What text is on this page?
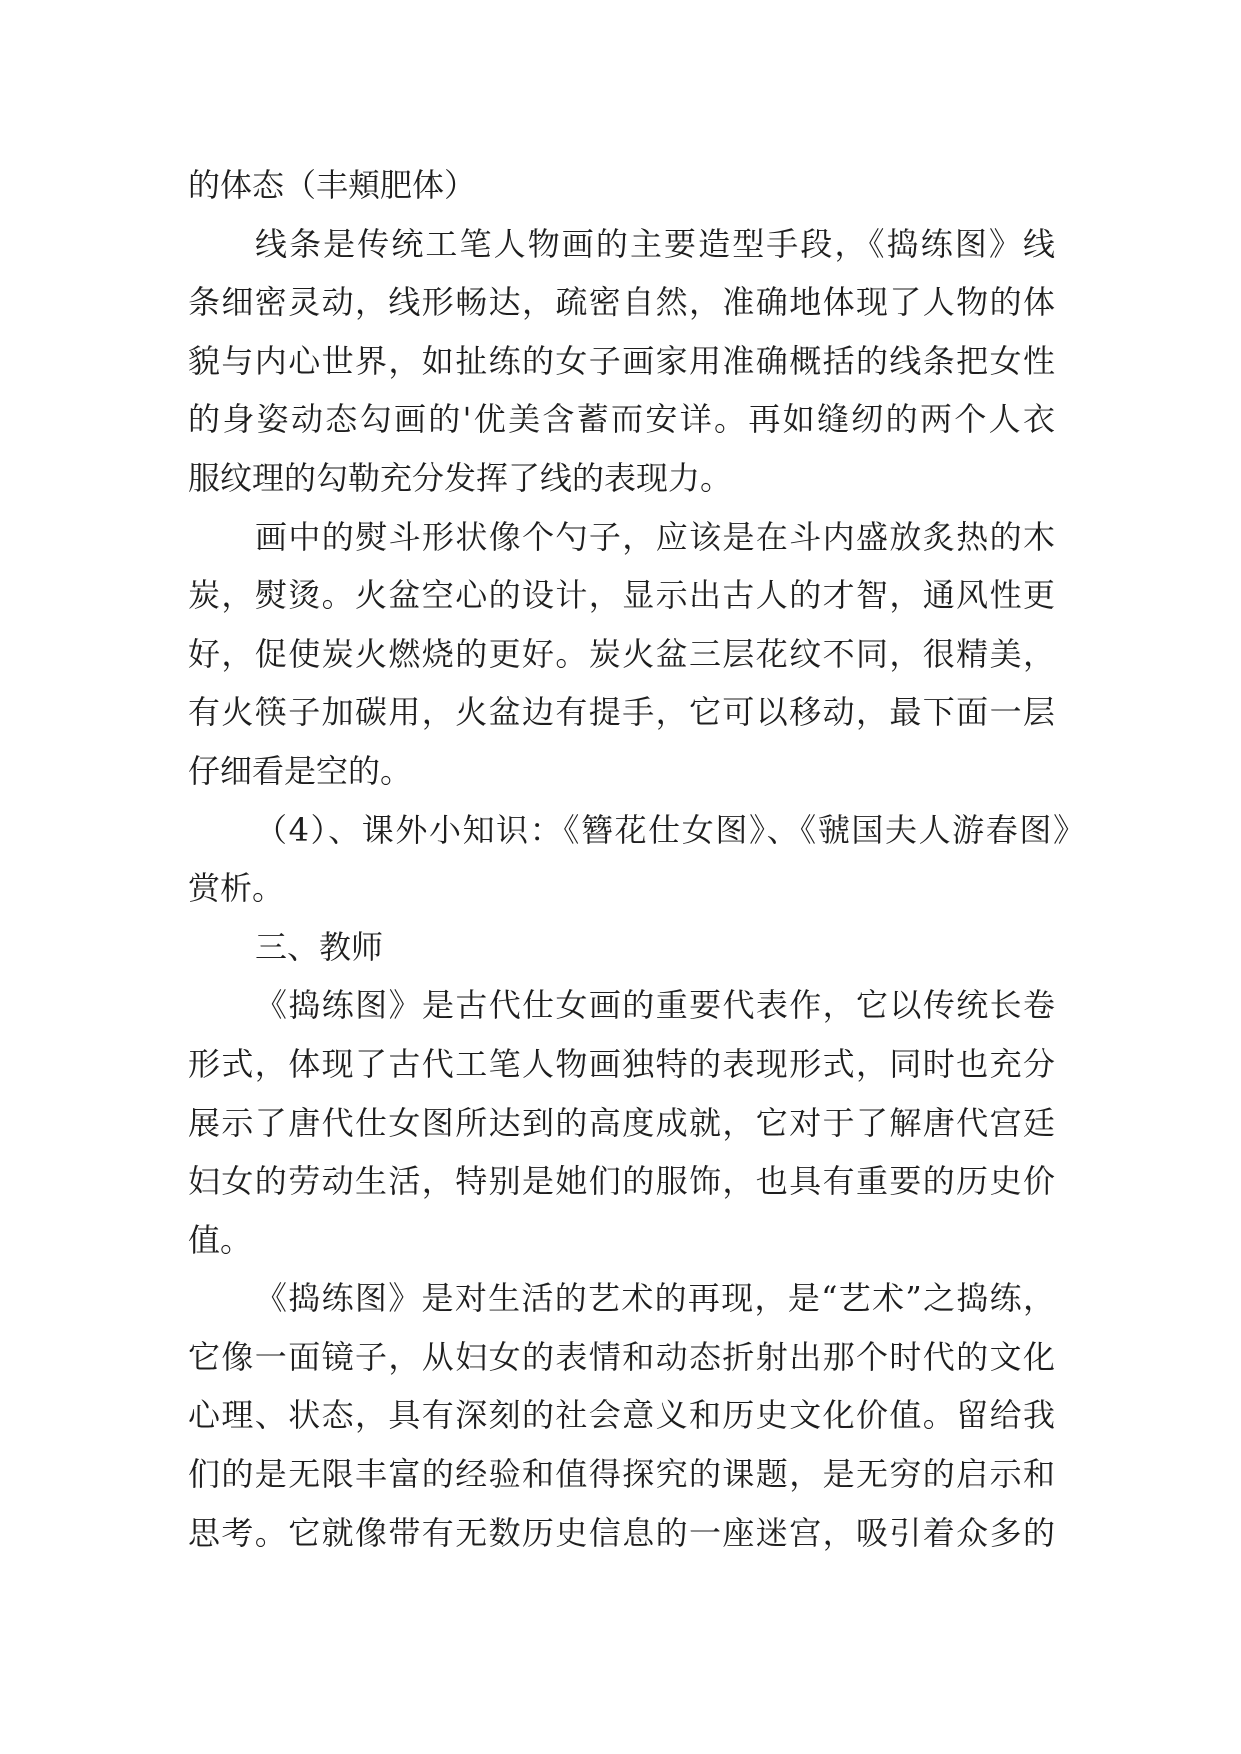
的体态（丰頬肥体）
线条是传统工笔人物画的主要造型手段，《捣练图》线
条细密灵动，线形畅达，疏密自然，准确地体现了人物的体
貌与内心世界，如扯练的女子画家用准确概括的线条把女性
的身姿动态勾画的'优美含蓄而安详。再如缝纫的两个人衣
服纹理的勾勒充分发挥了线的表现力。
画中的熨斗形状像个勺子，应该是在斗内盛放炙热的木
炭，熨烫。火盆空心的设计，显示出古人的才智，通风性更
好，促使炭火燃烧的更好。炭火盆三层花纹不同，很精美，
有火筷子加碳用，火盆边有提手，它可以移动，最下面一层
仔细看是空的。
（4）、课外小知识：《簪花仕女图》、《虢国夫人游春图》
赏析。
三、教师
《捣练图》是古代仕女画的重要代表作，它以传统长卷
形式，体现了古代工笔人物画独特的表现形式，同时也充分
展示了唐代仕女图所达到的高度成就，它对于了解唐代宫廷
妇女的劳动生活，特别是她们的服饰，也具有重要的历史价
值。
《捣练图》是对生活的艺术的再现，是“艺术”之捣练，
它像一面镜子，从妇女的表情和动态折射出那个时代的文化
心理、状态，具有深刻的社会意义和历史文化价值。留给我
们的是无限丰富的经验和值得探究的课题，是无穷的启示和
思考。它就像带有无数历史信息的一座迷宫，吸引着众多的
